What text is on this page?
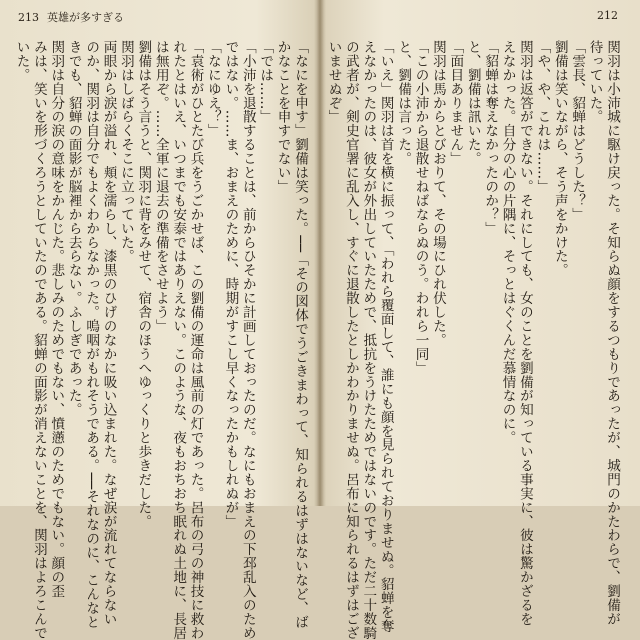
213 英雄が多すぎる
「なにを申す」劉備は笑った。──「その図体でうごきまわって、知られるはずはないなど、ば
かなことを申すでない」
「では……」
「小沛を退散することは、前からひそかに計画しておったのだ。なにもおまえの下邳乱入のため
ではない。……ま、おまえのために、時期がすこし早くなったかもしれぬが」
「なにゆえ？」
「袁術がひとたび兵をうごかせば、この劉備の運命は風前の灯であった。呂布の弓の神技に救わ
れたとはいえ、いつまでも安泰ではありえない。このような、夜もおちおち眠れぬ土地に、長居
は無用ぞ。……全軍に退去の準備をさせよう」
劉備はそう言うと、関羽に背をみせて、宿舎のほうへゆっくりと歩きだした。
関羽はしばらくそこに立っていた。
両眼から涙が溢れ、頬を濡らし、漆黒のひげのなかに吸い込まれた。なぜ涙が流れてならない
のか、関羽は自分でもよくわからなかった。嗚咽がもれそうである。──それなのに、こんなと
きでも、貂蝉の面影が脳裡から去らない。ふしぎであった。
関羽は自分の涙の意味をかんじた。悲しみのためでもない、憤懣のためでもない。顔の歪
みは、笑いを形づくろうとしていたのである。貂蝉の面影が消えないことを、関羽はよろこんで
いた。
212
関羽は小沛城に駆け戻った。そ知らぬ顔をするつもりであったが、城門のかたわらで、劉備が
待っていた。
「雲長、貂蝉はどうした？」
劉備は笑いながら、そう声をかけた。
「や、や、これは……」
関羽は返答ができない。それにしても、女のことを劉備が知っている事実に、彼は驚かざるを
えなかった。自分の心の片隅に、そっとはぐくんだ慕情なのに。
「貂蝉は奪えなかったのか？」
と、劉備は訊いた。
「面目ありません」
関羽は馬からとびおりて、その場にひれ伏した。
「この小沛から退散せねばならぬのう。われら一同」
と、劉備は言った。
「いえ」関羽は首を横に振って、「われら覆面して、誰にも顔を見られておりませぬ。貂蝉を奪
えなかったのは、彼女が外出していたためで、抵抗をうけたためではないのです。ただ二十数騎
の武者が、剣史官署に乱入し、すぐに退散したとしかわかりませぬ。呂布に知られるはずはござ
いませぬぞ」
